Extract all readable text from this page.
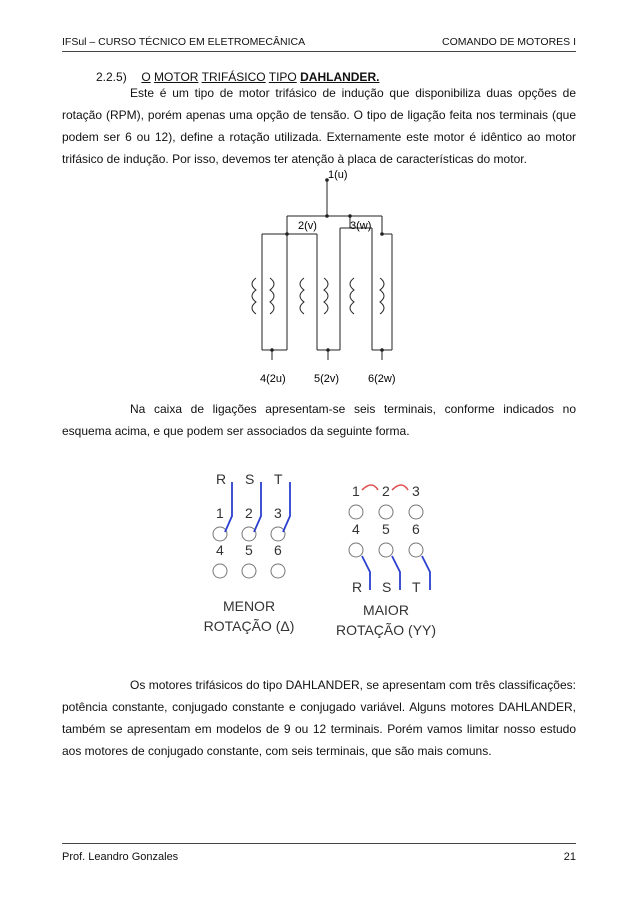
IFSul – CURSO TÉCNICO EM ELETROMECÂNICA	COMANDO DE MOTORES I
2.2.5) O MOTOR TRIFÁSICO TIPO DAHLANDER.
Este é um tipo de motor trifásico de indução que disponibiliza duas opções de rotação (RPM), porém apenas uma opção de tensão. O tipo de ligação feita nos terminais (que podem ser 6 ou 12), define a rotação utilizada. Externamente este motor é idêntico ao motor trifásico de indução. Por isso, devemos ter atenção à placa de características do motor.
1(u)
2(v)	3(w)
4(2u)	5(2v)	6(2w)
Na caixa de ligações apresentam-se seis terminais, conforme indicados no esquema acima, e que podem ser associados da seguinte forma.
R S T
1 2 3
4 5 6
MENOR
ROTAÇÃO (Δ)
1 2 3
4 5 6
R S T
MAIOR
ROTAÇÃO (YY)
Os motores trifásicos do tipo DAHLANDER, se apresentam com três classificações: potência constante, conjugado constante e conjugado variável. Alguns motores DAHLANDER, também se apresentam em modelos de 9 ou 12 terminais. Porém vamos limitar nosso estudo aos motores de conjugado constante, com seis terminais, que são mais comuns.
Prof. Leandro Gonzales	21
